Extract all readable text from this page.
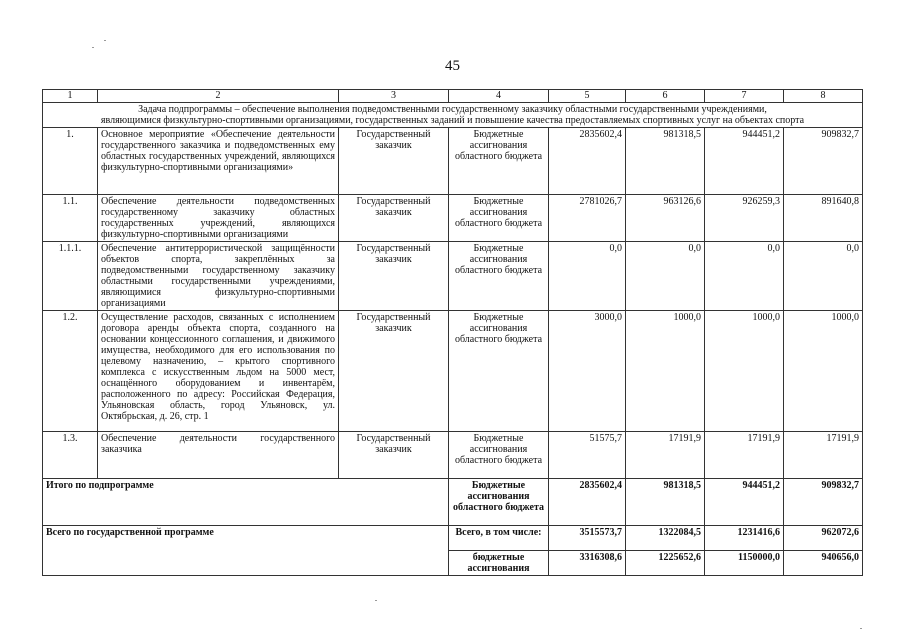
45
1	2	3	4	5	6	7	8

Задача подпрограммы – обеспечение выполнения подведомственными государственному заказчику областными государственными учреждениями,
являющимися физкультурно-спортивными организациями, государственных заданий и повышение качества предоставляемых спортивных услуг на объектах спорта							

1.	Основное мероприятие «Обеспечение деятельности государственного заказчика и подведомственных ему областных государственных учреждений, являющихся физкультурно-спортивными организациями»	Государственный заказчик	Бюджетные ассигнования областного бюджета	2835602,4	981318,5	944451,2	909832,7
1.1.	Обеспечение деятельности подведомственных государственному заказчику областных государственных учреждений, являющихся физкультурно-спортивными организациями	Государственный заказчик	Бюджетные ассигнования областного бюджета	2781026,7	963126,6	926259,3	891640,8
1.1.1.	Обеспечение антитеррористической защищённости объектов спорта, закреплённых за подведомственными государственному заказчику областными государственными учреждениями, являющимися физкультурно-спортивными организациями	Государственный заказчик	Бюджетные ассигнования областного бюджета	0,0	0,0	0,0	0,0
1.2.	Осуществление расходов, связанных с исполнением договора аренды объекта спорта, созданного на основании концессионного соглашения, и движимого имущества, необходимого для его использования по целевому назначению, – крытого спортивного комплекса с искусственным льдом на 5000 мест, оснащённого оборудованием и инвентарём, расположенного по адресу: Российская Федерация, Ульяновская область, город Ульяновск, ул. Октябрьская, д. 26, стр. 1	Государственный заказчик	Бюджетные ассигнования областного бюджета	3000,0	1000,0	1000,0	1000,0
1.3.	Обеспечение деятельности государственного заказчика	Государственный заказчик	Бюджетные ассигнования областного бюджета	51575,7	17191,9	17191,9	17191,9
Итого по подпрограмме			Бюджетные ассигнования областного бюджета	2835602,4	981318,5	944451,2	909832,7
Всего по государственной программе			Всего, в том числе:	3515573,7	1322084,5	1231416,6	962072,6
			бюджетные ассигнования	3316308,6	1225652,6	1150000,0	940656,0
